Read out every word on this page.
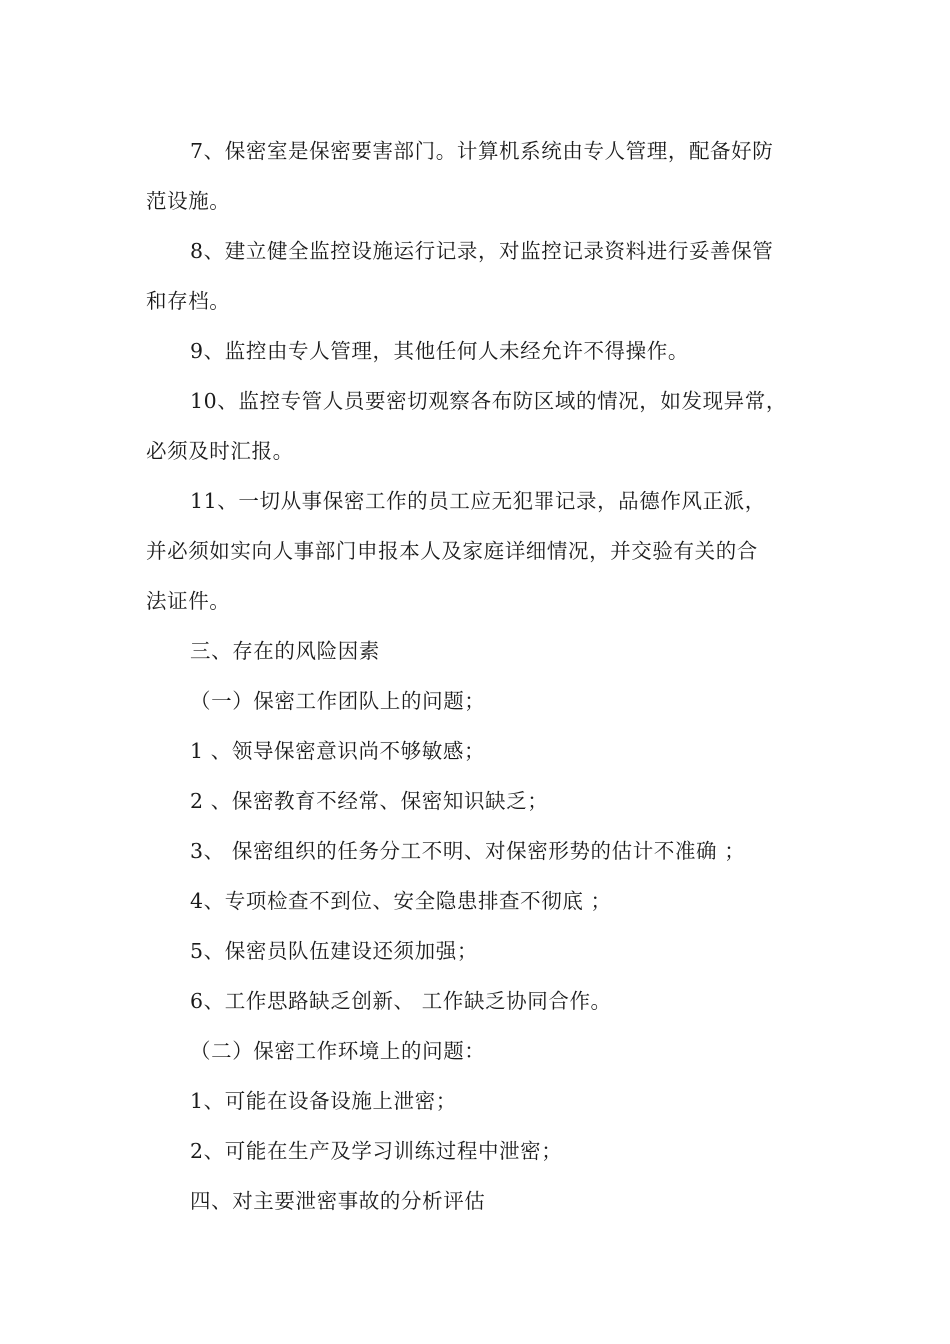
7、保密室是保密要害部门。计算机系统由专人管理，配备好防
范设施。
8、建立健全监控设施运行记录，对监控记录资料进行妥善保管
和存档。
9、监控由专人管理，其他任何人未经允许不得操作。
10、监控专管人员要密切观察各布防区域的情况，如发现异常，
必须及时汇报。
11、一切从事保密工作的员工应无犯罪记录，品德作风正派，
并必须如实向人事部门申报本人及家庭详细情况，并交验有关的合
法证件。
三、存在的风险因素
（一）保密工作团队上的问题；
1 、领导保密意识尚不够敏感；
2 、保密教育不经常、保密知识缺乏；
3、 保密组织的任务分工不明、对保密形势的估计不准确 ；
4、专项检查不到位、安全隐患排查不彻底 ；
5、保密员队伍建设还须加强；
6、工作思路缺乏创新、 工作缺乏协同合作。
（二）保密工作环境上的问题：
1、可能在设备设施上泄密；
2、可能在生产及学习训练过程中泄密；
四、对主要泄密事故的分析评估
